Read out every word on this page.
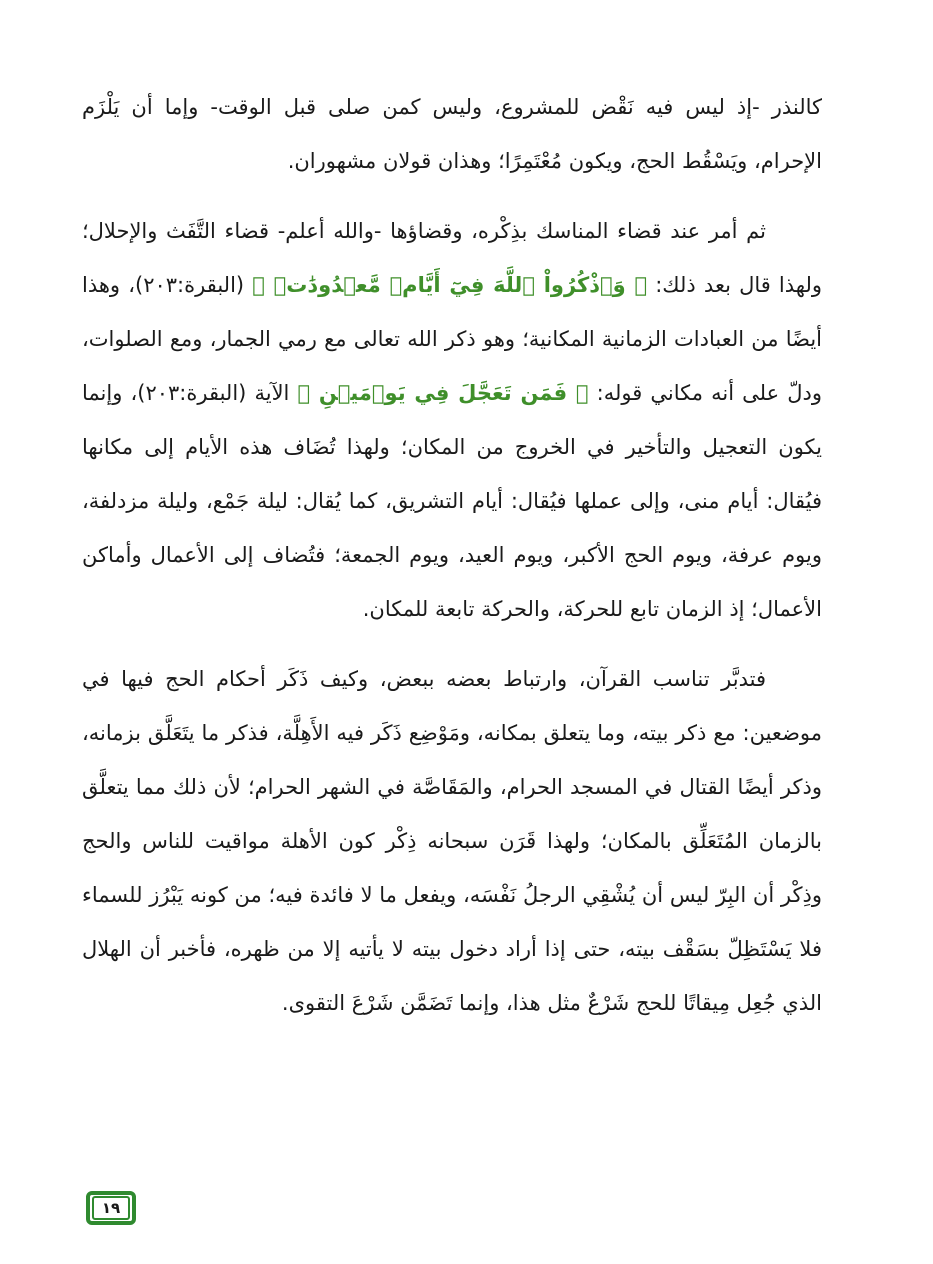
كالنذر -إذ ليس فيه نَقْض للمشروع، وليس كمن صلى قبل الوقت- وإما أن يَلْزَم الإحرام، ويَسْقُط الحج، ويكون مُعْتَمِرًا؛ وهذان قولان مشهوران.

ثم أمر عند قضاء المناسك بذِكْره، وقضاؤها -والله أعلم- قضاء التَّفَث والإحلال؛ ولهذا قال بعد ذلك: ﴿ وَٱذْكُرُواْ ٱللَّهَ فِيٓ أَيَّامٖ مَّعۡدُودَٰتٖ ﴾ (البقرة:٢٠٣)، وهذا أيضًا من العبادات الزمانية المكانية؛ وهو ذكر الله تعالى مع رمي الجمار، ومع الصلوات، ودلّ على أنه مكاني قوله: ﴿ فَمَن تَعَجَّلَ فِي يَوۡمَيۡنِ ﴾ الآية (البقرة:٢٠٣)، وإنما يكون التعجيل والتأخير في الخروج من المكان؛ ولهذا تُضَاف هذه الأيام إلى مكانها فيُقال: أيام منى، وإلى عملها فيُقال: أيام التشريق، كما يُقال: ليلة جَمْع، وليلة مزدلفة، ويوم عرفة، ويوم الحج الأكبر، ويوم العيد، ويوم الجمعة؛ فتُضاف إلى الأعمال وأماكن الأعمال؛ إذ الزمان تابع للحركة، والحركة تابعة للمكان.

فتدبَّر تناسب القرآن، وارتباط بعضه ببعض، وكيف ذَكَر أحكام الحج فيها في موضعين: مع ذكر بيته، وما يتعلق بمكانه، ومَوْضِع ذَكَر فيه الأَهِلَّة، فذكر ما يتَعَلَّق بزمانه، وذكر أيضًا القتال في المسجد الحرام، والمَقَاصَّة في الشهر الحرام؛ لأن ذلك مما يتعلَّق بالزمان المُتَعَلِّق بالمكان؛ ولهذا قَرَن سبحانه ذِكْر كون الأهلة مواقيت للناس والحج وذِكْر أن البِرّ ليس أن يُشْقِي الرجلُ نَفْسَه، ويفعل ما لا فائدة فيه؛ من كونه يَبْرُز للسماء فلا يَسْتَظِلّ بسَقْف بيته، حتى إذا أراد دخول بيته لا يأتيه إلا من ظهره، فأخبر أن الهلال الذي جُعِل مِيقاتًا للحج شَرْعٌ مثل هذا، وإنما تَضَمَّن شَرْعَ التقوى.

١٩
